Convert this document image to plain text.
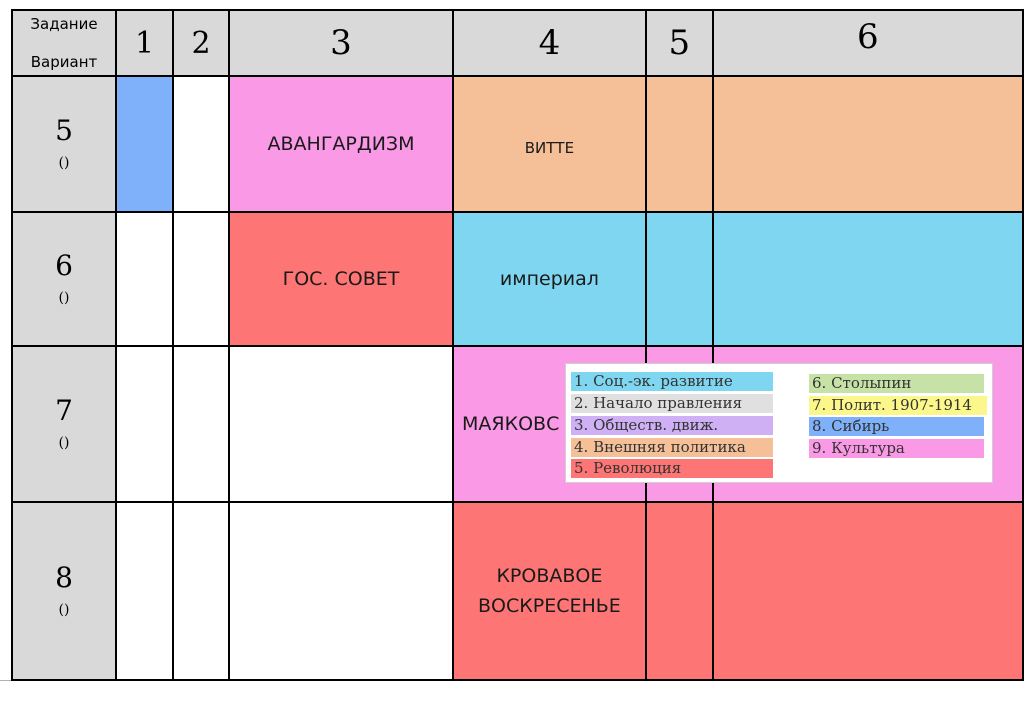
Задание
Вариант	1	2	3	4	5	6

5
()			АВАНГАРДИЗМ	ВИТТЕ		

6
()			ГОС. СОВЕТ	империал		

7
()				МАЯКОВС		

8
()				КРОВАВОЕ ВОСКРЕСЕНЬЕ		
1. Соц.-эк. развитие
2. Начало правления
3. Обществ. движ.
4. Внешняя политика
5. Революция
6. Столыпин
7. Полит. 1907-1914
8. Сибирь
9. Культура
